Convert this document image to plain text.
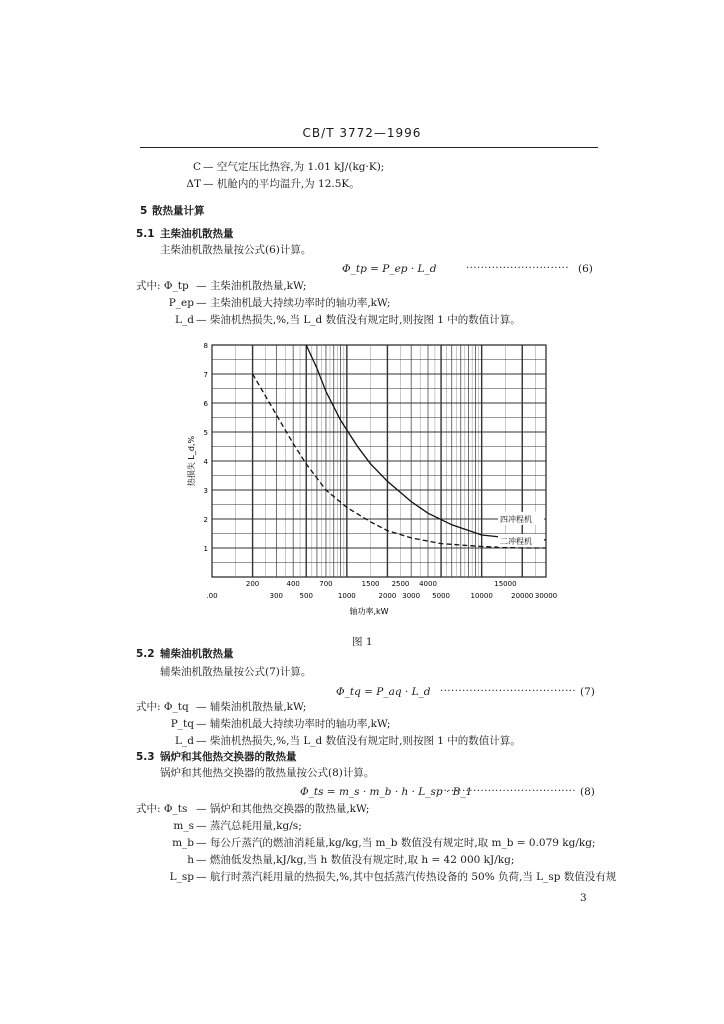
CB/T 3772—1996
C — 空气定压比热容,为 1.01 kJ/(kg·K);
ΔT — 机舱内的平均温升,为 12.5K。
5 散热量计算
5.1 主柴油机散热量
主柴油机散热量按公式(6)计算。
Φ_tp = P_ep · L_d	···························· (6)
式中: Φ_tp — 主柴油机散热量,kW;
P_ep — 主柴油机最大持续功率时的轴功率,kW;
L_d — 柴油机热损失,%,当 L_d 数值没有规定时,则按图 1 中的数值计算。
8
7
6
5
4
3
2
1
200	400	700	1500 2500 4000	15000
.00	300 500	1000	2000 3000 5000	10000	20000 30000
四冲程机
二冲程机
轴功率,kW
热损失 L_d,%
图 1
5.2 辅柴油机散热量
辅柴油机散热量按公式(7)计算。
Φ_tq = P_aq · L_d ····································· (7)
式中: Φ_tq — 辅柴油机散热量,kW;
P_tq — 辅柴油机最大持续功率时的轴功率,kW;
L_d — 柴油机热损失,%,当 L_d 数值没有规定时,则按图 1 中的数值计算。
5.3 锅炉和其他热交换器的散热量
锅炉和其他热交换器的散热量按公式(8)计算。
Φ_ts = m_s · m_b · h · L_sp · B_1
····································· (8)
式中: Φ_ts — 锅炉和其他热交换器的散热量,kW;
m_s — 蒸汽总耗用量,kg/s;
m_b — 每公斤蒸汽的燃油消耗量,kg/kg,当 m_b 数值没有规定时,取 m_b = 0.079 kg/kg;
h — 燃油低发热量,kJ/kg,当 h 数值没有规定时,取 h = 42 000 kJ/kg;
L_sp — 航行时蒸汽耗用量的热损失,%,其中包括蒸汽传热设备的 50% 负荷,当 L_sp 数值没有规
3
